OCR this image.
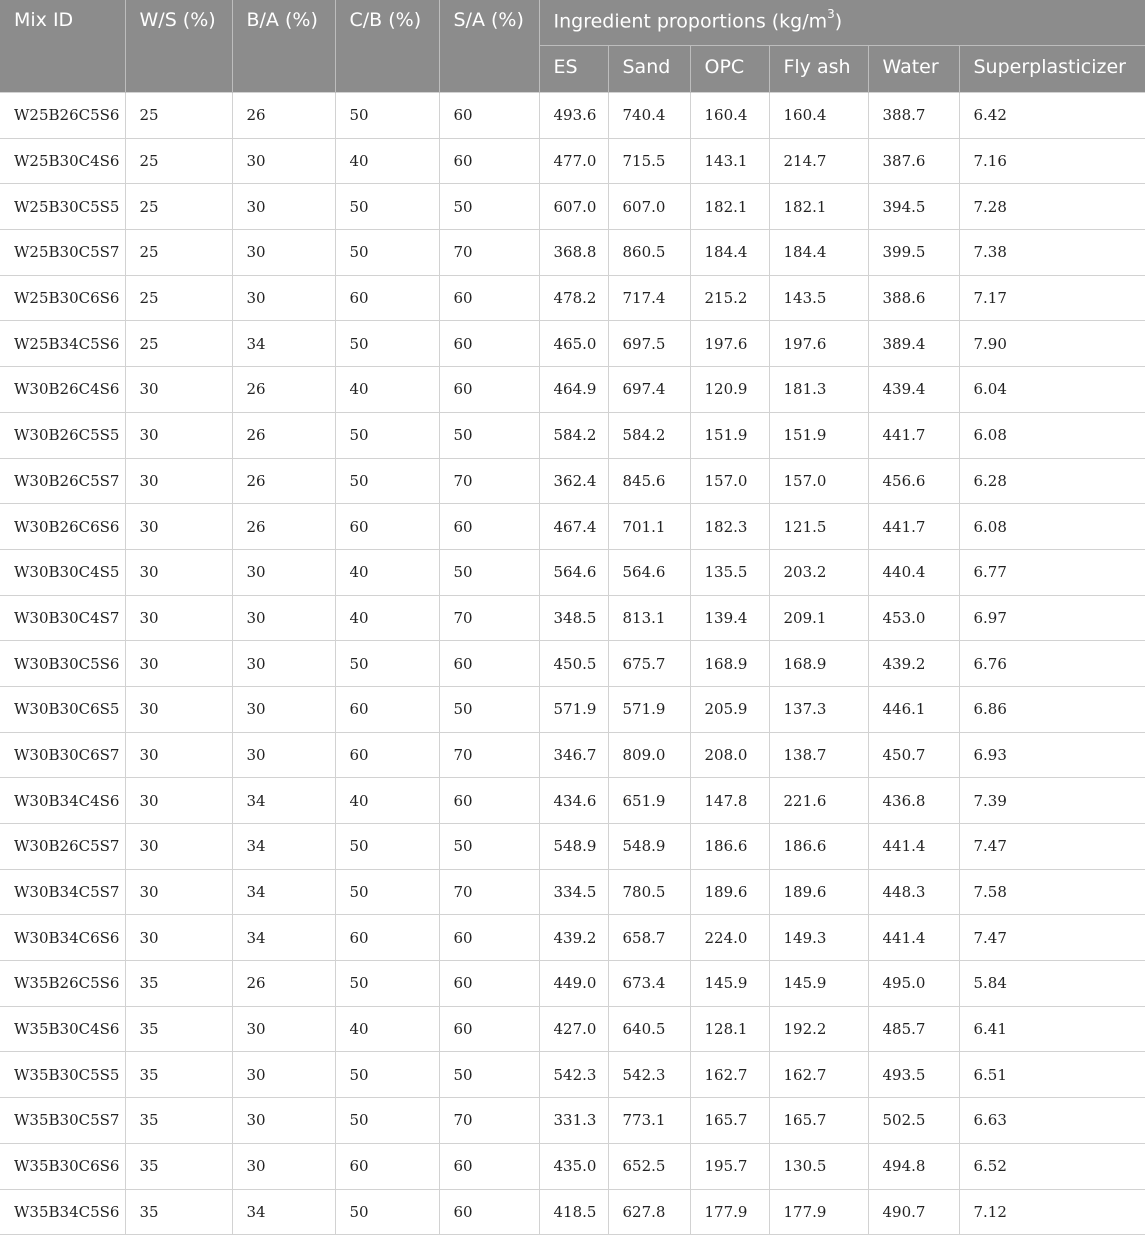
Mix ID	W/S (%)	B/A (%)	C/B (%)	S/A (%)	Ingredient proportions $(kg/m^3)$					
					ES	Sand	OPC	Fly ash	Water	Superplasticizer
W25B26C5S6	25	26	50	60	493.6	740.4	160.4	160.4	388.7	6.42
W25B30C4S6	25	30	40	60	477.0	715.5	143.1	214.7	387.6	7.16
W25B30C5S5	25	30	50	50	607.0	607.0	182.1	182.1	394.5	7.28
W25B30C5S7	25	30	50	70	368.8	860.5	184.4	184.4	399.5	7.38
W25B30C6S6	25	30	60	60	478.2	717.4	215.2	143.5	388.6	7.17
W25B34C5S6	25	34	50	60	465.0	697.5	197.6	197.6	389.4	7.90
W30B26C4S6	30	26	40	60	464.9	697.4	120.9	181.3	439.4	6.04
W30B26C5S5	30	26	50	50	584.2	584.2	151.9	151.9	441.7	6.08
W30B26C5S7	30	26	50	70	362.4	845.6	157.0	157.0	456.6	6.28
W30B26C6S6	30	26	60	60	467.4	701.1	182.3	121.5	441.7	6.08
W30B30C4S5	30	30	40	50	564.6	564.6	135.5	203.2	440.4	6.77
W30B30C4S7	30	30	40	70	348.5	813.1	139.4	209.1	453.0	6.97
W30B30C5S6	30	30	50	60	450.5	675.7	168.9	168.9	439.2	6.76
W30B30C6S5	30	30	60	50	571.9	571.9	205.9	137.3	446.1	6.86
W30B30C6S7	30	30	60	70	346.7	809.0	208.0	138.7	450.7	6.93
W30B34C4S6	30	34	40	60	434.6	651.9	147.8	221.6	436.8	7.39
W30B26C5S7	30	34	50	50	548.9	548.9	186.6	186.6	441.4	7.47
W30B34C5S7	30	34	50	70	334.5	780.5	189.6	189.6	448.3	7.58
W30B34C6S6	30	34	60	60	439.2	658.7	224.0	149.3	441.4	7.47
W35B26C5S6	35	26	50	60	449.0	673.4	145.9	145.9	495.0	5.84
W35B30C4S6	35	30	40	60	427.0	640.5	128.1	192.2	485.7	6.41
W35B30C5S5	35	30	50	50	542.3	542.3	162.7	162.7	493.5	6.51
W35B30C5S7	35	30	50	70	331.3	773.1	165.7	165.7	502.5	6.63
W35B30C6S6	35	30	60	60	435.0	652.5	195.7	130.5	494.8	6.52
W35B34C5S6	35	34	50	60	418.5	627.8	177.9	177.9	490.7	7.12
